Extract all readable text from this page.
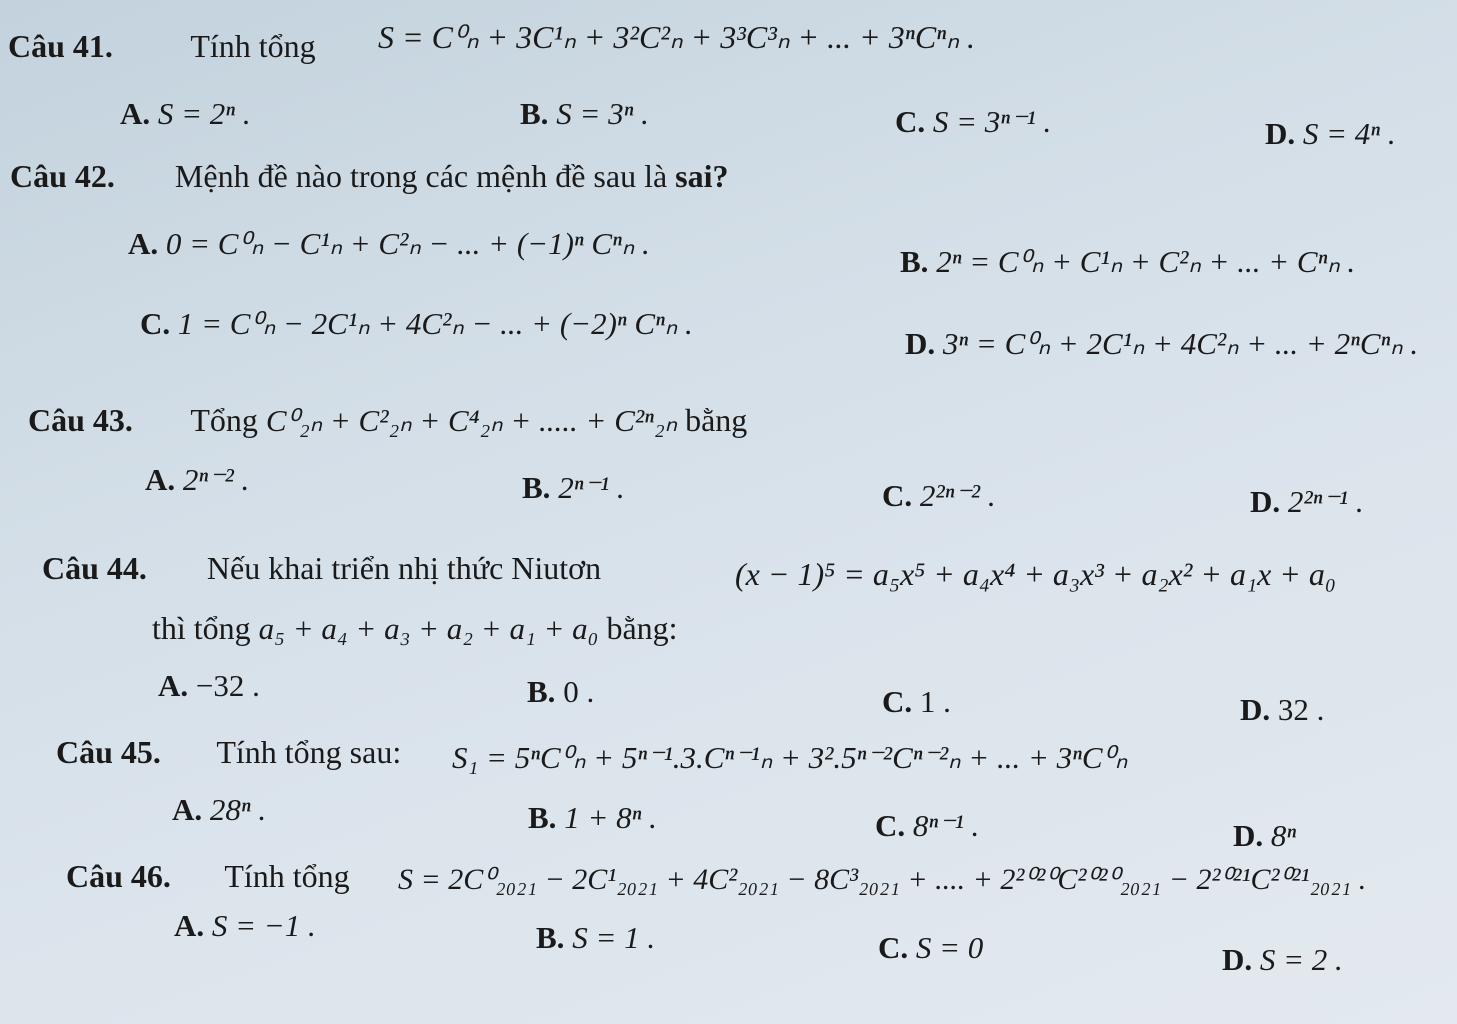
Câu 41. Tính tổng S = C⁰ₙ + 3C¹ₙ + 3²C²ₙ + 3³C³ₙ + ... + 3ⁿCⁿₙ .
A. S = 2ⁿ .	B. S = 3ⁿ .	C. S = 3ⁿ⁻¹ .	D. S = 4ⁿ .
Câu 42. Mệnh đề nào trong các mệnh đề sau là sai?
A. 0 = C⁰ₙ − C¹ₙ + C²ₙ − ... + (−1)ⁿ Cⁿₙ .
B. 2ⁿ = C⁰ₙ + C¹ₙ + C²ₙ + ... + Cⁿₙ .
C. 1 = C⁰ₙ − 2C¹ₙ + 4C²ₙ − ... + (−2)ⁿ Cⁿₙ .
D. 3ⁿ = C⁰ₙ + 2C¹ₙ + 4C²ₙ + ... + 2ⁿCⁿₙ .
Câu 43. Tổng C⁰₂ₙ + C²₂ₙ + C⁴₂ₙ + ..... + C²ⁿ₂ₙ bằng
A. 2ⁿ⁻² .	B. 2ⁿ⁻¹ .	C. 2²ⁿ⁻² .	D. 2²ⁿ⁻¹ .
Câu 44. Nếu khai triển nhị thức Niutơn	(x − 1)⁵ = a₅x⁵ + a₄x⁴ + a₃x³ + a₂x² + a₁x + a₀
thì tổng a₅ + a₄ + a₃ + a₂ + a₁ + a₀ bằng:
A. −32 .	B. 0 .	C. 1 .	D. 32 .
Câu 45. Tính tổng sau: S₁ = 5ⁿC⁰ₙ + 5ⁿ⁻¹.3.Cⁿ⁻¹ₙ + 3².5ⁿ⁻²Cⁿ⁻²ₙ + ... + 3ⁿC⁰ₙ
A. 28ⁿ .	B. 1 + 8ⁿ .	C. 8ⁿ⁻¹ .	D. 8ⁿ
Câu 46. Tính tổng S = 2C⁰₂₀₂₁ − 2C¹₂₀₂₁ + 4C²₂₀₂₁ − 8C³₂₀₂₁ + .... + 2²⁰²⁰C²⁰²⁰₂₀₂₁ − 2²⁰²¹C²⁰²¹₂₀₂₁ .
A. S = −1 .	B. S = 1 .	C. S = 0	D. S = 2 .
